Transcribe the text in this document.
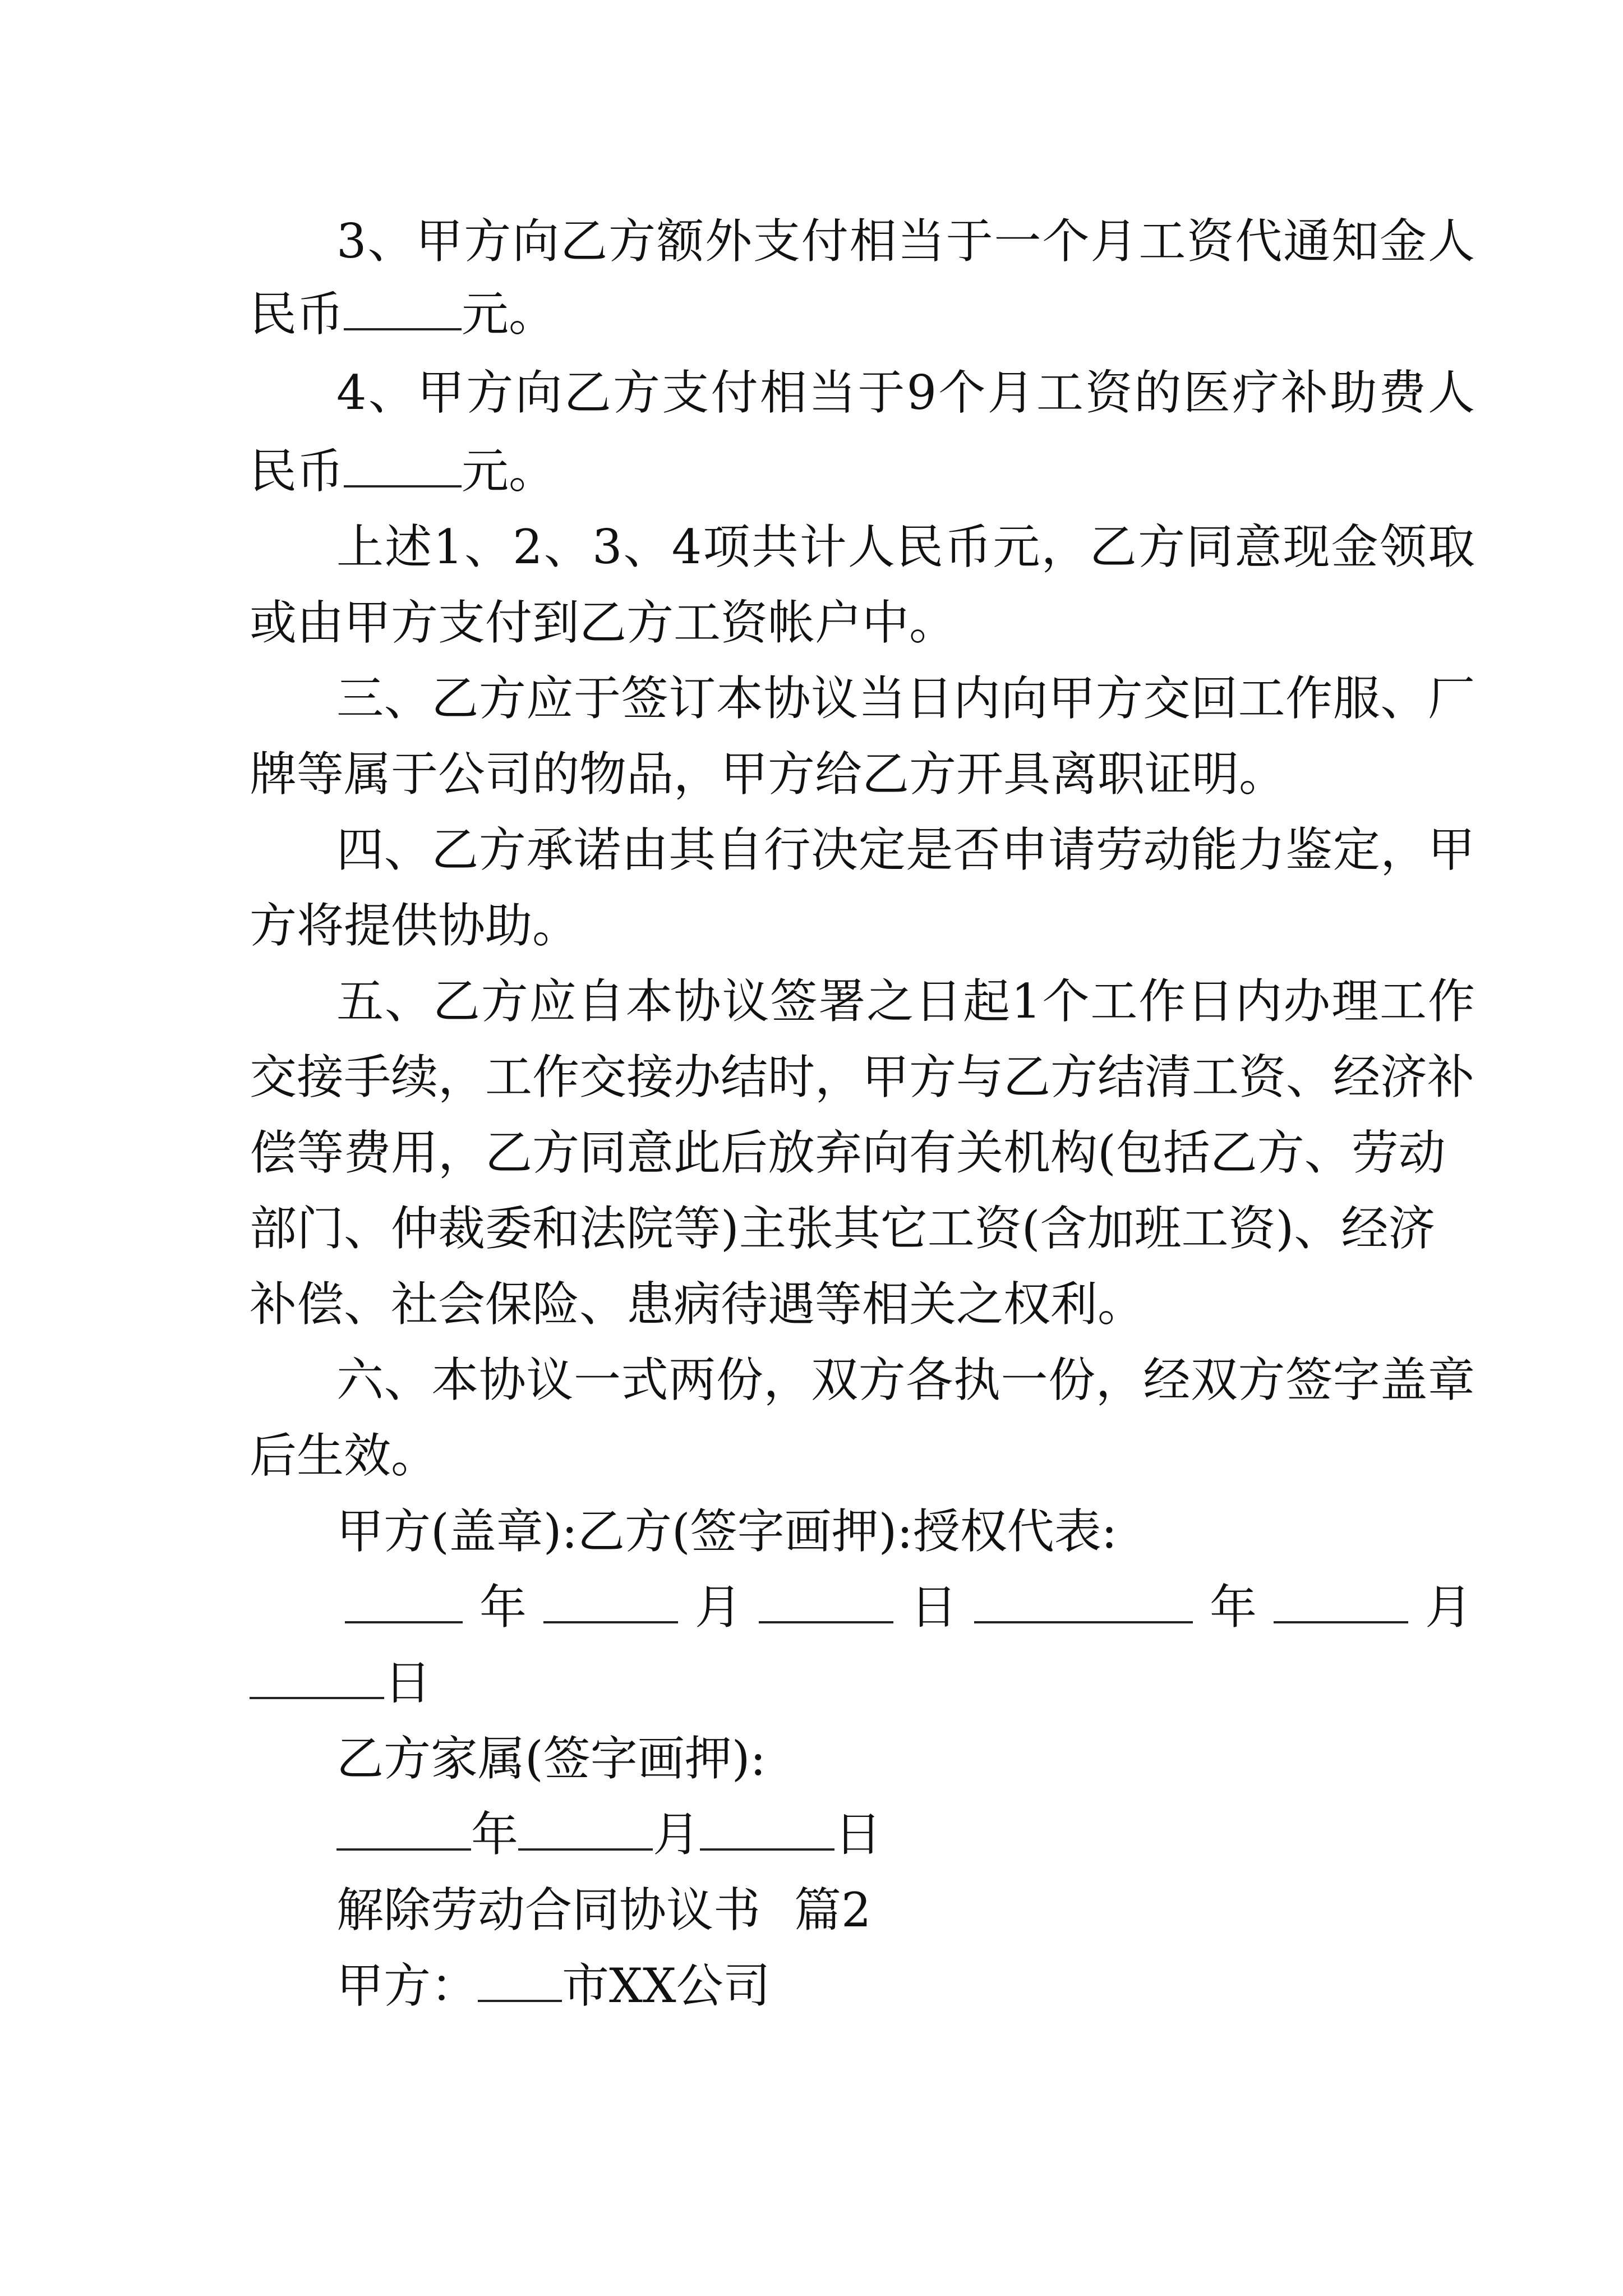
3、甲方向乙方额外支付相当于一个月工资代通知金人
民币	元。
4、甲方向乙方支付相当于9个月工资的医疗补助费人
民币	元。
上述1、2、3、4项共计人民币元，乙方同意现金领取
或由甲方支付到乙方工资帐户中。
三、乙方应于签订本协议当日内向甲方交回工作服、厂
牌等属于公司的物品，甲方给乙方开具离职证明。
四、乙方承诺由其自行决定是否申请劳动能力鉴定，甲
方将提供协助。
五、乙方应自本协议签署之日起1个工作日内办理工作
交接手续，工作交接办结时，甲方与乙方结清工资、经济补
偿等费用，乙方同意此后放弃向有关机构(包括乙方、劳动
部门、仲裁委和法院等)主张其它工资(含加班工资)、经济
补偿、社会保险、患病待遇等相关之权利。
六、本协议一式两份，双方各执一份，经双方签字盖章
后生效。
甲方(盖章):乙方(签字画押):授权代表:
年	月	日	年	月
日
乙方家属(签字画押):
年	月	日
解除劳动合同协议书 篇2
甲方： 市XX公司
